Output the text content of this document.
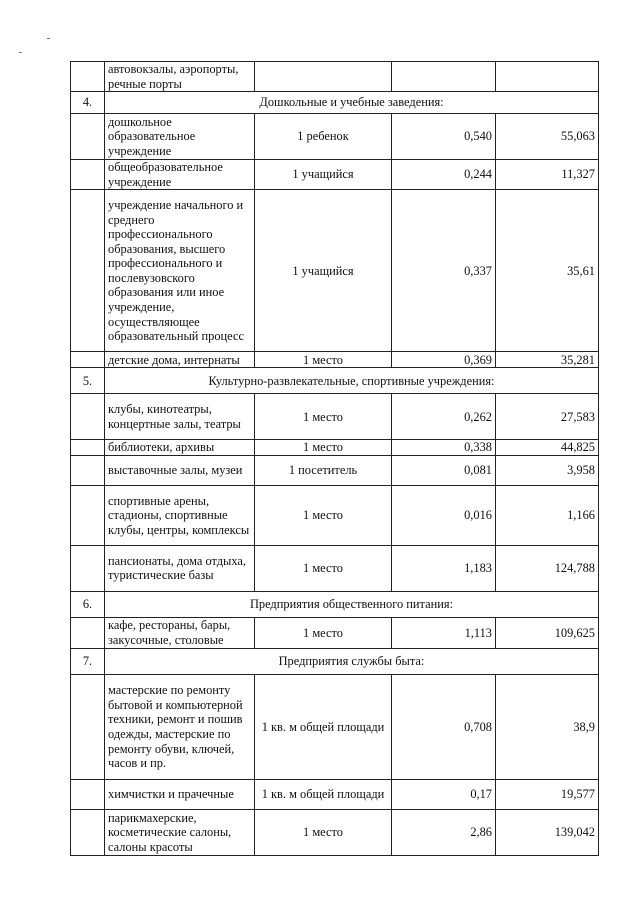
	автовокзалы, аэропорты, речные порты			
4.	Дошкольные и учебные заведения:			
	дошкольное образовательное учреждение	1 ребенок	0,540	55,063
	общеобразовательное учреждение	1 учащийся	0,244	11,327
	учреждение начального и среднего профессионального образования, высшего профессионального и послевузовского образования или иное учреждение, осуществляющее образовательный процесс	1 учащийся	0,337	35,61
	детские дома, интернаты	1 место	0,369	35,281
5.	Культурно-развлекательные, спортивные учреждения:			
	клубы, кинотеатры, концертные залы, театры	1 место	0,262	27,583
	библиотеки, архивы	1 место	0,338	44,825
	выставочные залы, музеи	1 посетитель	0,081	3,958
	спортивные арены, стадионы, спортивные клубы, центры, комплексы	1 место	0,016	1,166
	пансионаты, дома отдыха, туристические базы	1 место	1,183	124,788
6.	Предприятия общественного питания:			
	кафе, рестораны, бары, закусочные, столовые	1 место	1,113	109,625
7.	Предприятия службы быта:			
	мастерские по ремонту бытовой и компьютерной техники, ремонт и пошив одежды, мастерские по ремонту обуви, ключей, часов и пр.	1 кв. м общей площади	0,708	38,9
	химчистки и прачечные	1 кв. м общей площади	0,17	19,577
	парикмахерские, косметические салоны, салоны красоты	1 место	2,86	139,042
